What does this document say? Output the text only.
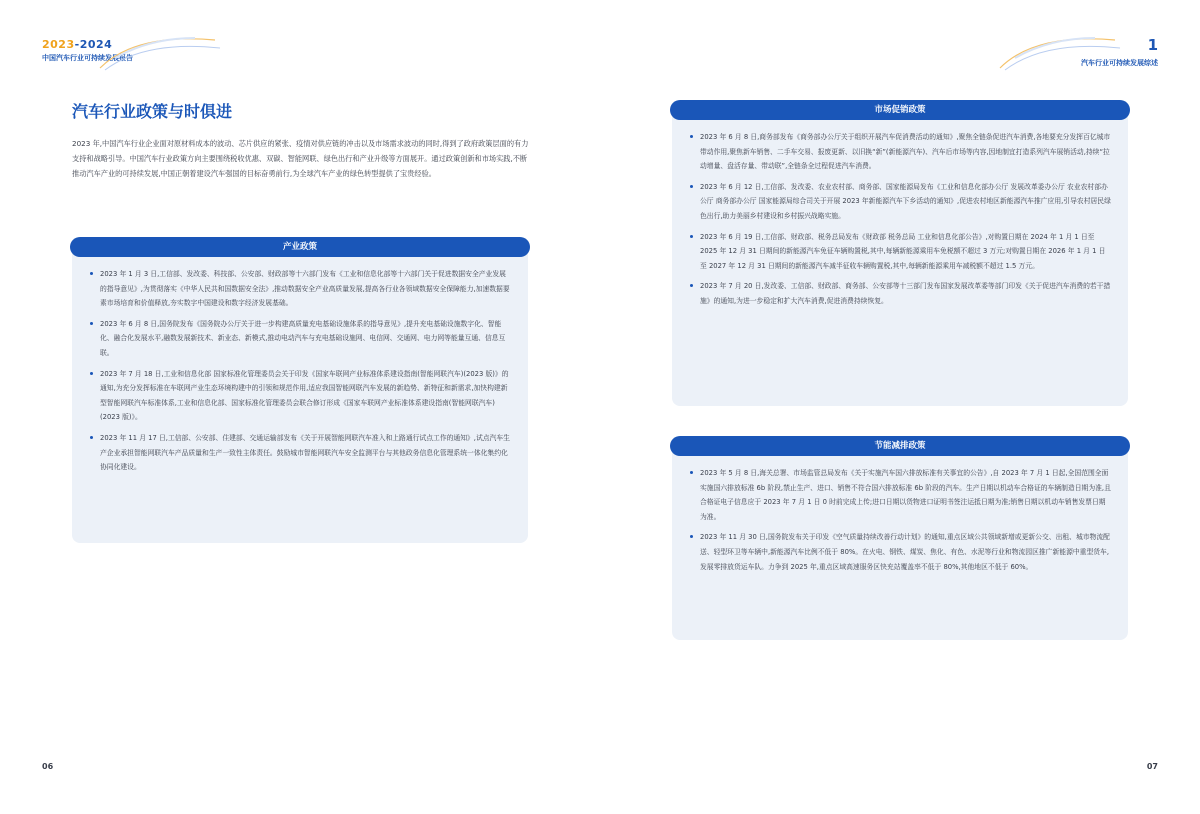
2023-2024
中国汽车行业可持续发展报告
汽车行业政策与时俱进
2023 年,中国汽车行业企业面对原材料成本的波动、芯片供应的紧张、疫情对供应链的冲击以及市场需求波动的同时,得到了政府政策层面的有力支持和战略引导。中国汽车行业政策方向主要围绕税收优惠、双碳、智能网联、绿色出行和产业升级等方面展开。通过政策创新和市场实践,不断推动汽车产业的可持续发展,中国正朝着建设汽车强国的目标奋勇前行,为全球汽车产业的绿色转型提供了宝贵经验。
产业政策
2023 年 1 月 3 日,工信部、发改委、科技部、公安部、财政部等十六部门发布《工业和信息化部等十六部门关于促进数据安全产业发展的指导意见》,为贯彻落实《中华人民共和国数据安全法》,推动数据安全产业高质量发展,提高各行业各领域数据安全保障能力,加速数据要素市场培育和价值释放,夯实数字中国建设和数字经济发展基础。
2023 年 6 月 8 日,国务院发布《国务院办公厅关于进一步构建高质量充电基础设施体系的指导意见》,提升充电基础设施数字化、智能化、融合化发展水平,融数发展新技术、新业态、新模式,推动电动汽车与充电基础设施网、电信网、交通网、电力网等能量互通、信息互联。
2023 年 7 月 18 日,工业和信息化部 国家标准化管理委员会关于印发《国家车联网产业标准体系建设指南(智能网联汽车)(2023 版)》的通知,为充分发挥标准在车联网产业生态环境构建中的引领和规范作用,适应我国智能网联汽车发展的新趋势、新特征和新需求,加快构建新型智能网联汽车标准体系,工业和信息化部、国家标准化管理委员会联合修订形成《国家车联网产业标准体系建设指南(智能网联汽车)(2023 版)》。
2023 年 11 月 17 日,工信部、公安部、住建部、交通运输部发布《关于开展智能网联汽车准入和上路通行试点工作的通知》,试点汽车生产企业承担智能网联汽车产品质量和生产一致性主体责任。鼓励城市智能网联汽车安全监测平台与其他政务信息化管理系统一体化集约化协同化建设。
06
1
汽车行业可持续发展综述
市场促销政策
2023 年 6 月 8 日,商务部发布《商务部办公厅关于组织开展汽车促消费活动的通知》,聚焦全链条促进汽车消费,各地要充分发挥百亿城市带动作用,聚焦新车销售、二手车交易、报废更新、以旧换“新”(新能源汽车)、汽车后市场等内容,因地制宜打造系列汽车展销活动,持续“拉动增量、盘活存量、带动联”,全链条全过程促进汽车消费。
2023 年 6 月 12 日,工信部、发改委、农业农村部、商务部、国家能源局发布《工业和信息化部办公厅 发展改革委办公厅 农业农村部办公厅 商务部办公厅 国家能源局综合司关于开展 2023 年新能源汽车下乡活动的通知》,促进农村地区新能源汽车推广应用,引导农村居民绿色出行,助力美丽乡村建设和乡村振兴战略实施。
2023 年 6 月 19 日,工信部、财政部、税务总局发布《财政部 税务总局 工业和信息化部公告》,对购置日期在 2024 年 1 月 1 日至 2025 年 12 月 31 日期间的新能源汽车免征车辆购置税,其中,每辆新能源乘用车免税额不超过 3 万元;对购置日期在 2026 年 1 月 1 日至 2027 年 12 月 31 日期间的新能源汽车减半征收车辆购置税,其中,每辆新能源乘用车减税额不超过 1.5 万元。
2023 年 7 月 20 日,发改委、工信部、财政部、商务部、公安部等十三部门发布国家发展改革委等部门印发《关于促进汽车消费的若干措施》的通知,为进一步稳定和扩大汽车消费,促进消费持续恢复。
节能减排政策
2023 年 5 月 8 日,海关总署、市场监管总局发布《关于实施汽车国六排放标准有关事宜的公告》,自 2023 年 7 月 1 日起,全国范围全面实施国六排放标准 6b 阶段,禁止生产、进口、销售不符合国六排放标准 6b 阶段的汽车。生产日期以机动车合格证的车辆制造日期为准,且合格证电子信息应于 2023 年 7 月 1 日 0 时前完成上传;进口日期以货物进口证明书签注运抵日期为准;销售日期以机动车销售发票日期为准。
2023 年 11 月 30 日,国务院发布关于印发《空气质量持续改善行动计划》的通知,重点区域公共领域新增或更新公交、出租、城市物流配送、轻型环卫等车辆中,新能源汽车比例不低于 80%。在火电、钢铁、煤炭、焦化、有色、水泥等行业和物流园区推广新能源中重型货车,发展零排放货运车队。力争到 2025 年,重点区域高速服务区快充站覆盖率不低于 80%,其他地区不低于 60%。
07
